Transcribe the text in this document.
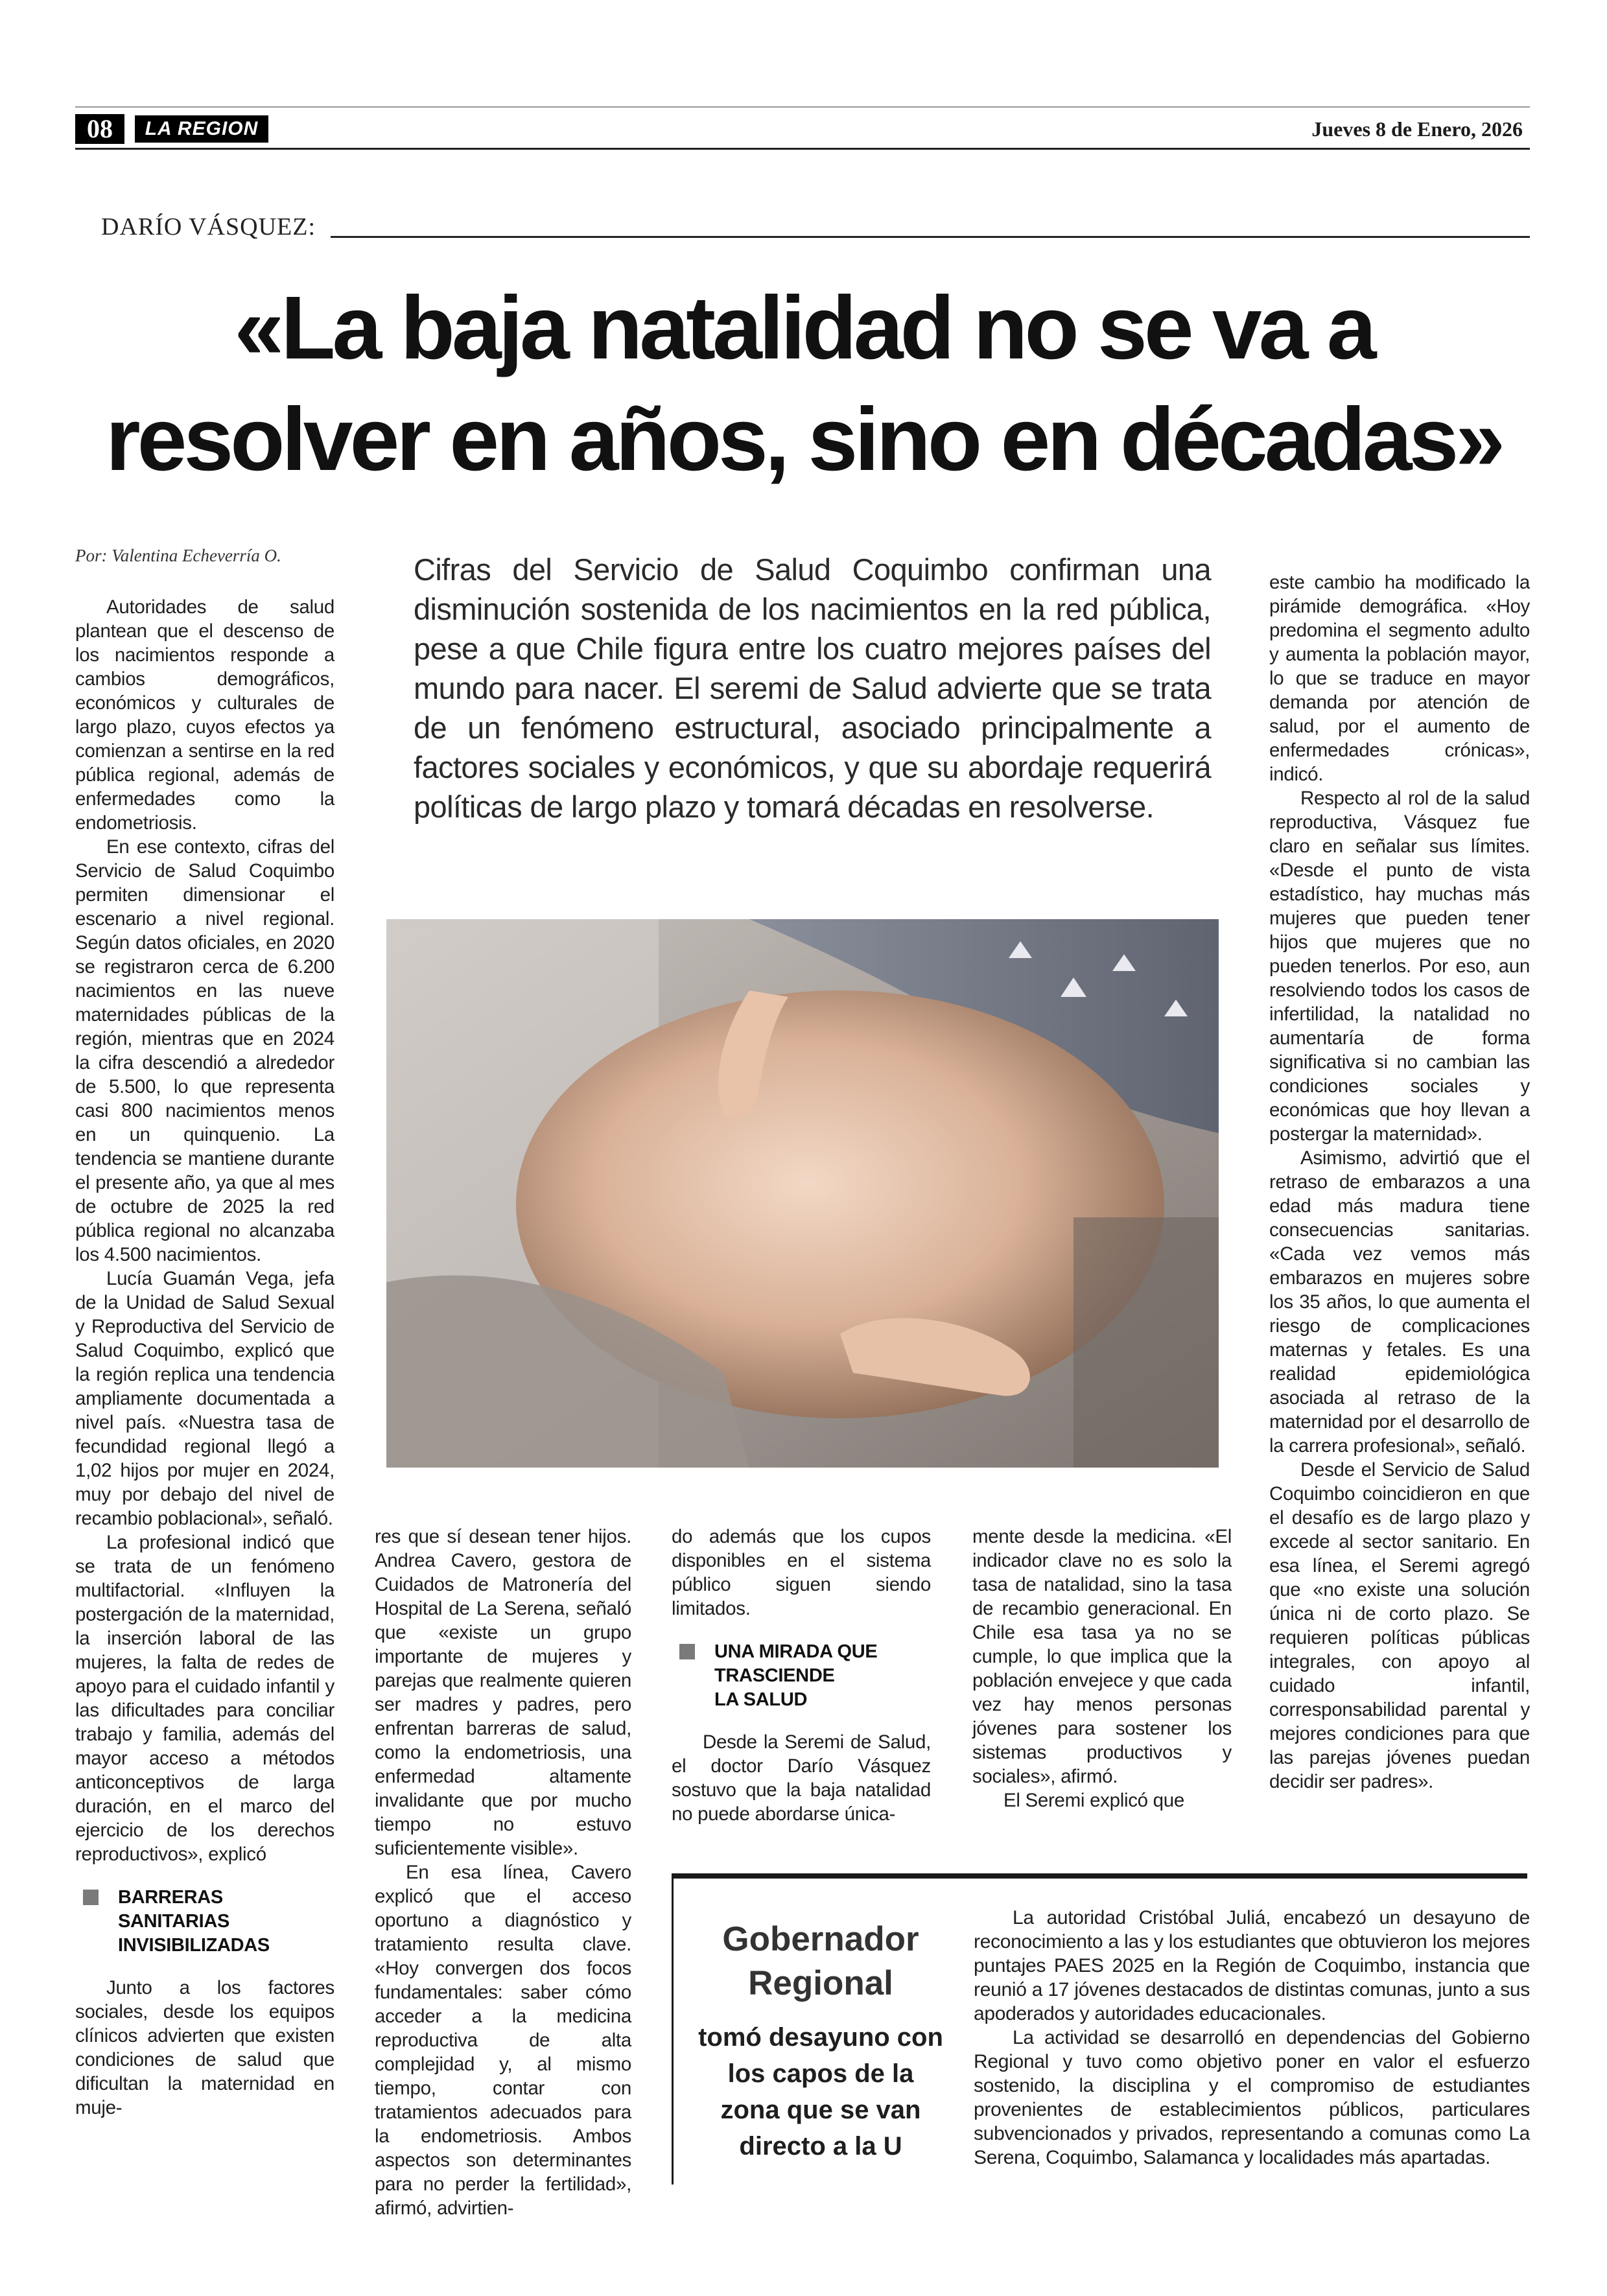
08	LA REGION	Jueves 8 de Enero, 2026
DARÍO VÁSQUEZ:
«La baja natalidad no se va a
resolver en años, sino en décadas»
Por: Valentina Echeverría O.	Cifras del Servicio de Salud Coquimbo confirman una disminución sostenida de los nacimientos en la red pública, pese a que Chile figura entre los cuatro mejores países del mundo para nacer. El seremi de Salud advierte que se trata de un fenómeno estructural, asociado principalmente a factores sociales y económicos, y que su abordaje requerirá políticas de largo plazo y tomará décadas en resolverse.

Autoridades de salud plantean que el descenso de los nacimientos responde a cambios demográficos, económicos y culturales de largo plazo, cuyos efectos ya comienzan a sentirse en la red pública regional, además de enfermedades como la endometriosis.

En ese contexto, cifras del Servicio de Salud Coquimbo permiten dimensionar el escenario a nivel regional. Según datos oficiales, en 2020 se registraron cerca de 6.200 nacimientos en las nueve maternidades públicas de la región, mientras que en 2024 la cifra descendió a alrededor de 5.500, lo que representa casi 800 nacimientos menos en un quinquenio. La tendencia se mantiene durante el presente año, ya que al mes de octubre de 2025 la red pública regional no alcanzaba los 4.500 nacimientos.

Lucía Guamán Vega, jefa de la Unidad de Salud Sexual y Reproductiva del Servicio de Salud Coquimbo, explicó que la región replica una tendencia ampliamente documentada a nivel país. «Nuestra tasa de fecundidad regional llegó a 1,02 hijos por mujer en 2024, muy por debajo del nivel de recambio poblacional», señaló.

La profesional indicó que se trata de un fenómeno multifactorial. «Influyen la postergación de la maternidad, la inserción laboral de las mujeres, la falta de redes de apoyo para el cuidado infantil y las dificultades para conciliar trabajo y familia, además del mayor acceso a métodos anticonceptivos de larga duración, en el marco del ejercicio de los derechos reproductivos», explicó

BARRERAS
SANITARIAS
INVISIBILIZADAS

Junto a los factores sociales, desde los equipos clínicos advierten que existen condiciones de salud que dificultan la maternidad en muje-

res que sí desean tener hijos. Andrea Cavero, gestora de Cuidados de Matronería del Hospital de La Serena, señaló que «existe un grupo importante de mujeres y parejas que realmente quieren ser madres y padres, pero enfrentan barreras de salud, como la endometriosis, una enfermedad altamente invalidante que por mucho tiempo no estuvo suficientemente visible».

En esa línea, Cavero explicó que el acceso oportuno a diagnóstico y tratamiento resulta clave. «Hoy convergen dos focos fundamentales: saber cómo acceder a la medicina reproductiva de alta complejidad y, al mismo tiempo, contar con tratamientos adecuados para la endometriosis. Ambos aspectos son determinantes para no perder la fertilidad», afirmó, advirtien-

do además que los cupos disponibles en el sistema público siguen siendo limitados.

UNA MIRADA QUE
TRASCIENDE
LA SALUD

Desde la Seremi de Salud, el doctor Darío Vásquez sostuvo que la baja natalidad no puede abordarse única-

mente desde la medicina. «El indicador clave no es solo la tasa de natalidad, sino la tasa de recambio generacional. En Chile esa tasa ya no se cumple, lo que implica que la población envejece y que cada vez hay menos personas jóvenes para sostener los sistemas productivos y sociales», afirmó.

El Seremi explicó que

este cambio ha modificado la pirámide demográfica. «Hoy predomina el segmento adulto y aumenta la población mayor, lo que se traduce en mayor demanda por atención de salud, por el aumento de enfermedades crónicas», indicó.

Respecto al rol de la salud reproductiva, Vásquez fue claro en señalar sus límites. «Desde el punto de vista estadístico, hay muchas más mujeres que pueden tener hijos que mujeres que no pueden tenerlos. Por eso, aun resolviendo todos los casos de infertilidad, la natalidad no aumentaría de forma significativa si no cambian las condiciones sociales y económicas que hoy llevan a postergar la maternidad».

Asimismo, advirtió que el retraso de embarazos a una edad más madura tiene consecuencias sanitarias. «Cada vez vemos más embarazos en mujeres sobre los 35 años, lo que aumenta el riesgo de complicaciones maternas y fetales. Es una realidad epidemiológica asociada al retraso de la maternidad por el desarrollo de la carrera profesional», señaló.

Desde el Servicio de Salud Coquimbo coincidieron en que el desafío es de largo plazo y excede al sector sanitario. En esa línea, el Seremi agregó que «no existe una solución única ni de corto plazo. Se requieren políticas públicas integrales, con apoyo al cuidado infantil, corresponsabilidad parental y mejores condiciones para que las parejas jóvenes puedan decidir ser padres».

Gobernador
Regional
tomó desayuno con
los capos de la
zona que se van
directo a la U

La autoridad Cristóbal Juliá, encabezó un desayuno de reconocimiento a las y los estudiantes que obtuvieron los mejores puntajes PAES 2025 en la Región de Coquimbo, instancia que reunió a 17 jóvenes destacados de distintas comunas, junto a sus apoderados y autoridades educacionales.

La actividad se desarrolló en dependencias del Gobierno Regional y tuvo como objetivo poner en valor el esfuerzo sostenido, la disciplina y el compromiso de estudiantes provenientes de establecimientos públicos, particulares subvencionados y privados, representando a comunas como La Serena, Coquimbo, Salamanca y localidades más apartadas.
